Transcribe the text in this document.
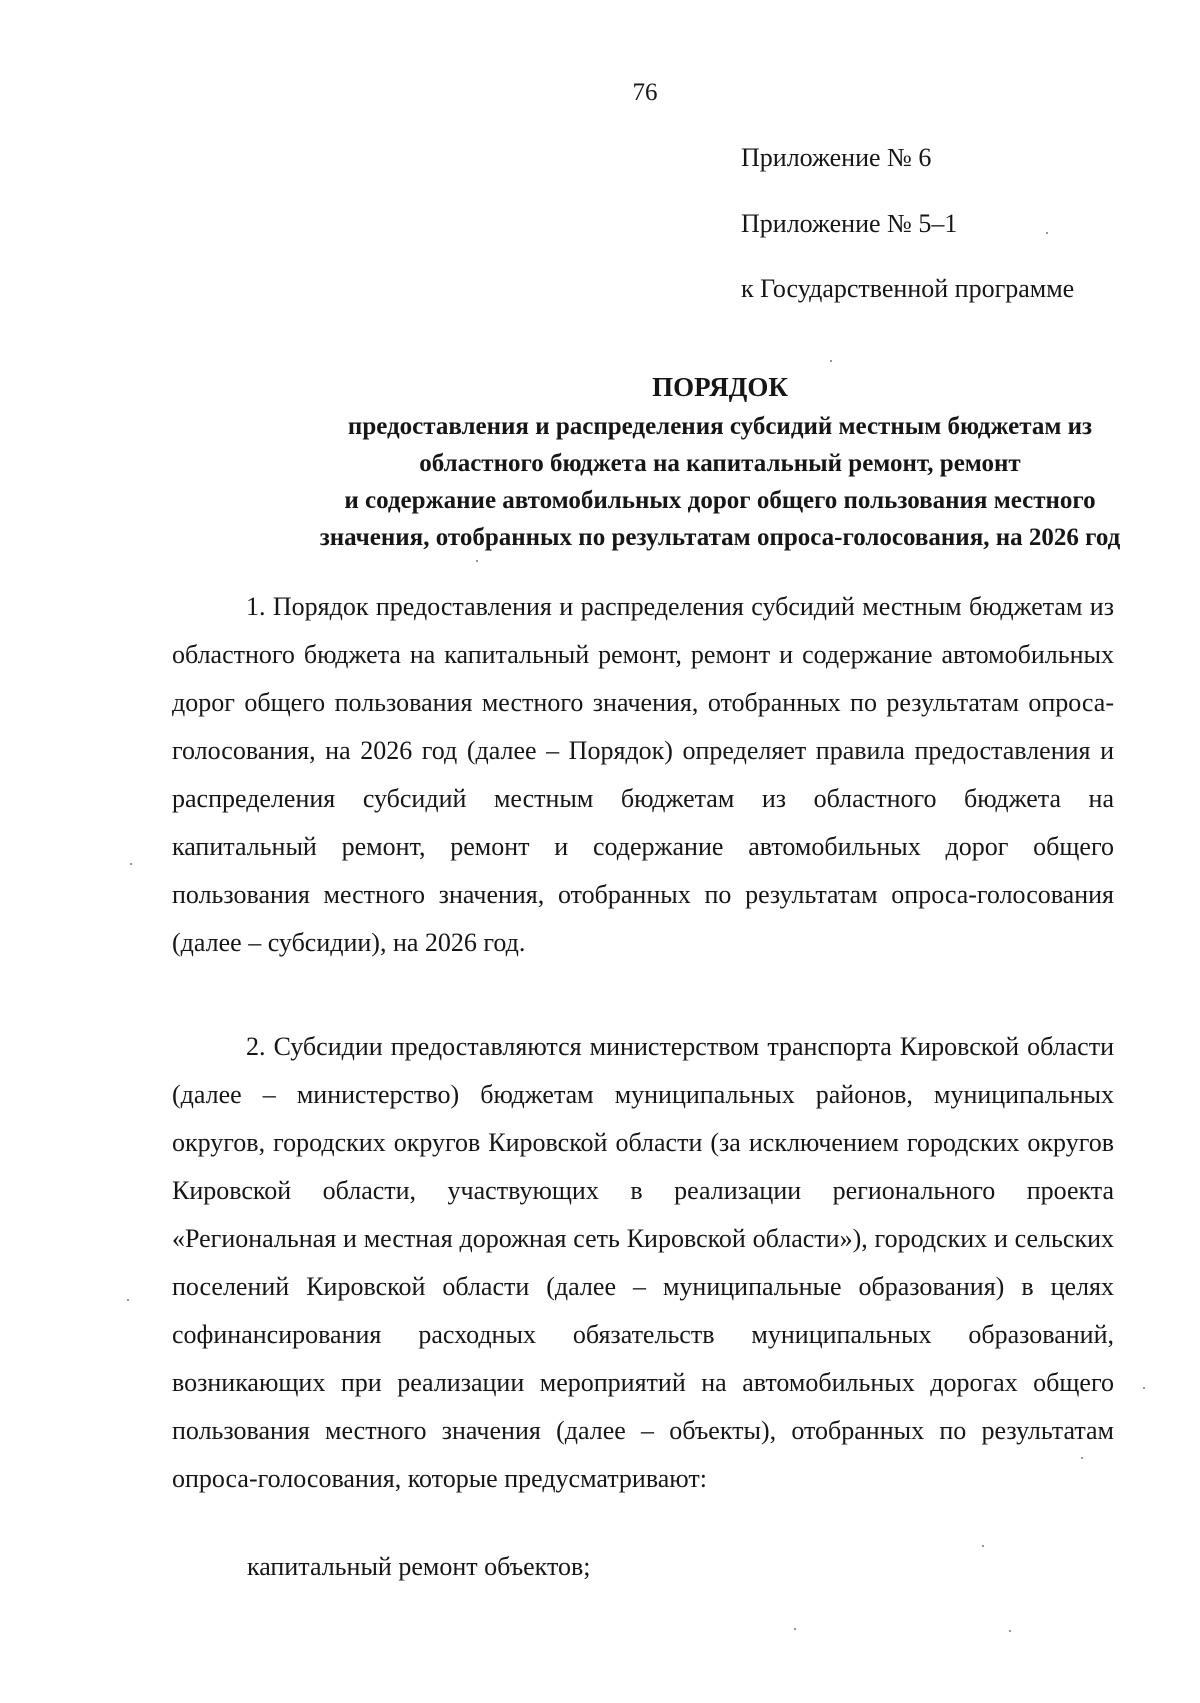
76
Приложение № 6
Приложение № 5–1
к Государственной программе
ПОРЯДОК
предоставления и распределения субсидий местным бюджетам из
областного бюджета на капитальный ремонт, ремонт
и содержание автомобильных дорог общего пользования местного
значения, отобранных по результатам опроса-голосования, на 2026 год

1. Порядок предоставления и распределения субсидий местным бюджетам из областного бюджета на капитальный ремонт, ремонт и содержание автомобильных дорог общего пользования местного значения, отобранных по результатам опроса-голосования, на 2026 год (далее – Порядок) определяет правила предоставления и распределения субсидий местным бюджетам из областного бюджета на капитальный ремонт, ремонт и содержание автомобильных дорог общего пользования местного значения, отобранных по результатам опроса-голосования (далее – субсидии), на 2026 год.

2. Субсидии предоставляются министерством транспорта Кировской области (далее – министерство) бюджетам муниципальных районов, муниципальных округов, городских округов Кировской области (за исключением городских округов Кировской области, участвующих в реализации регионального проекта «Региональная и местная дорожная сеть Кировской области»), городских и сельских поселений Кировской области (далее – муниципальные образования) в целях софинансирования расходных обязательств муниципальных образований, возникающих при реализации мероприятий на автомобильных дорогах общего пользования местного значения (далее – объекты), отобранных по результатам опроса-голосования, которые предусматривают:

капитальный ремонт объектов;
